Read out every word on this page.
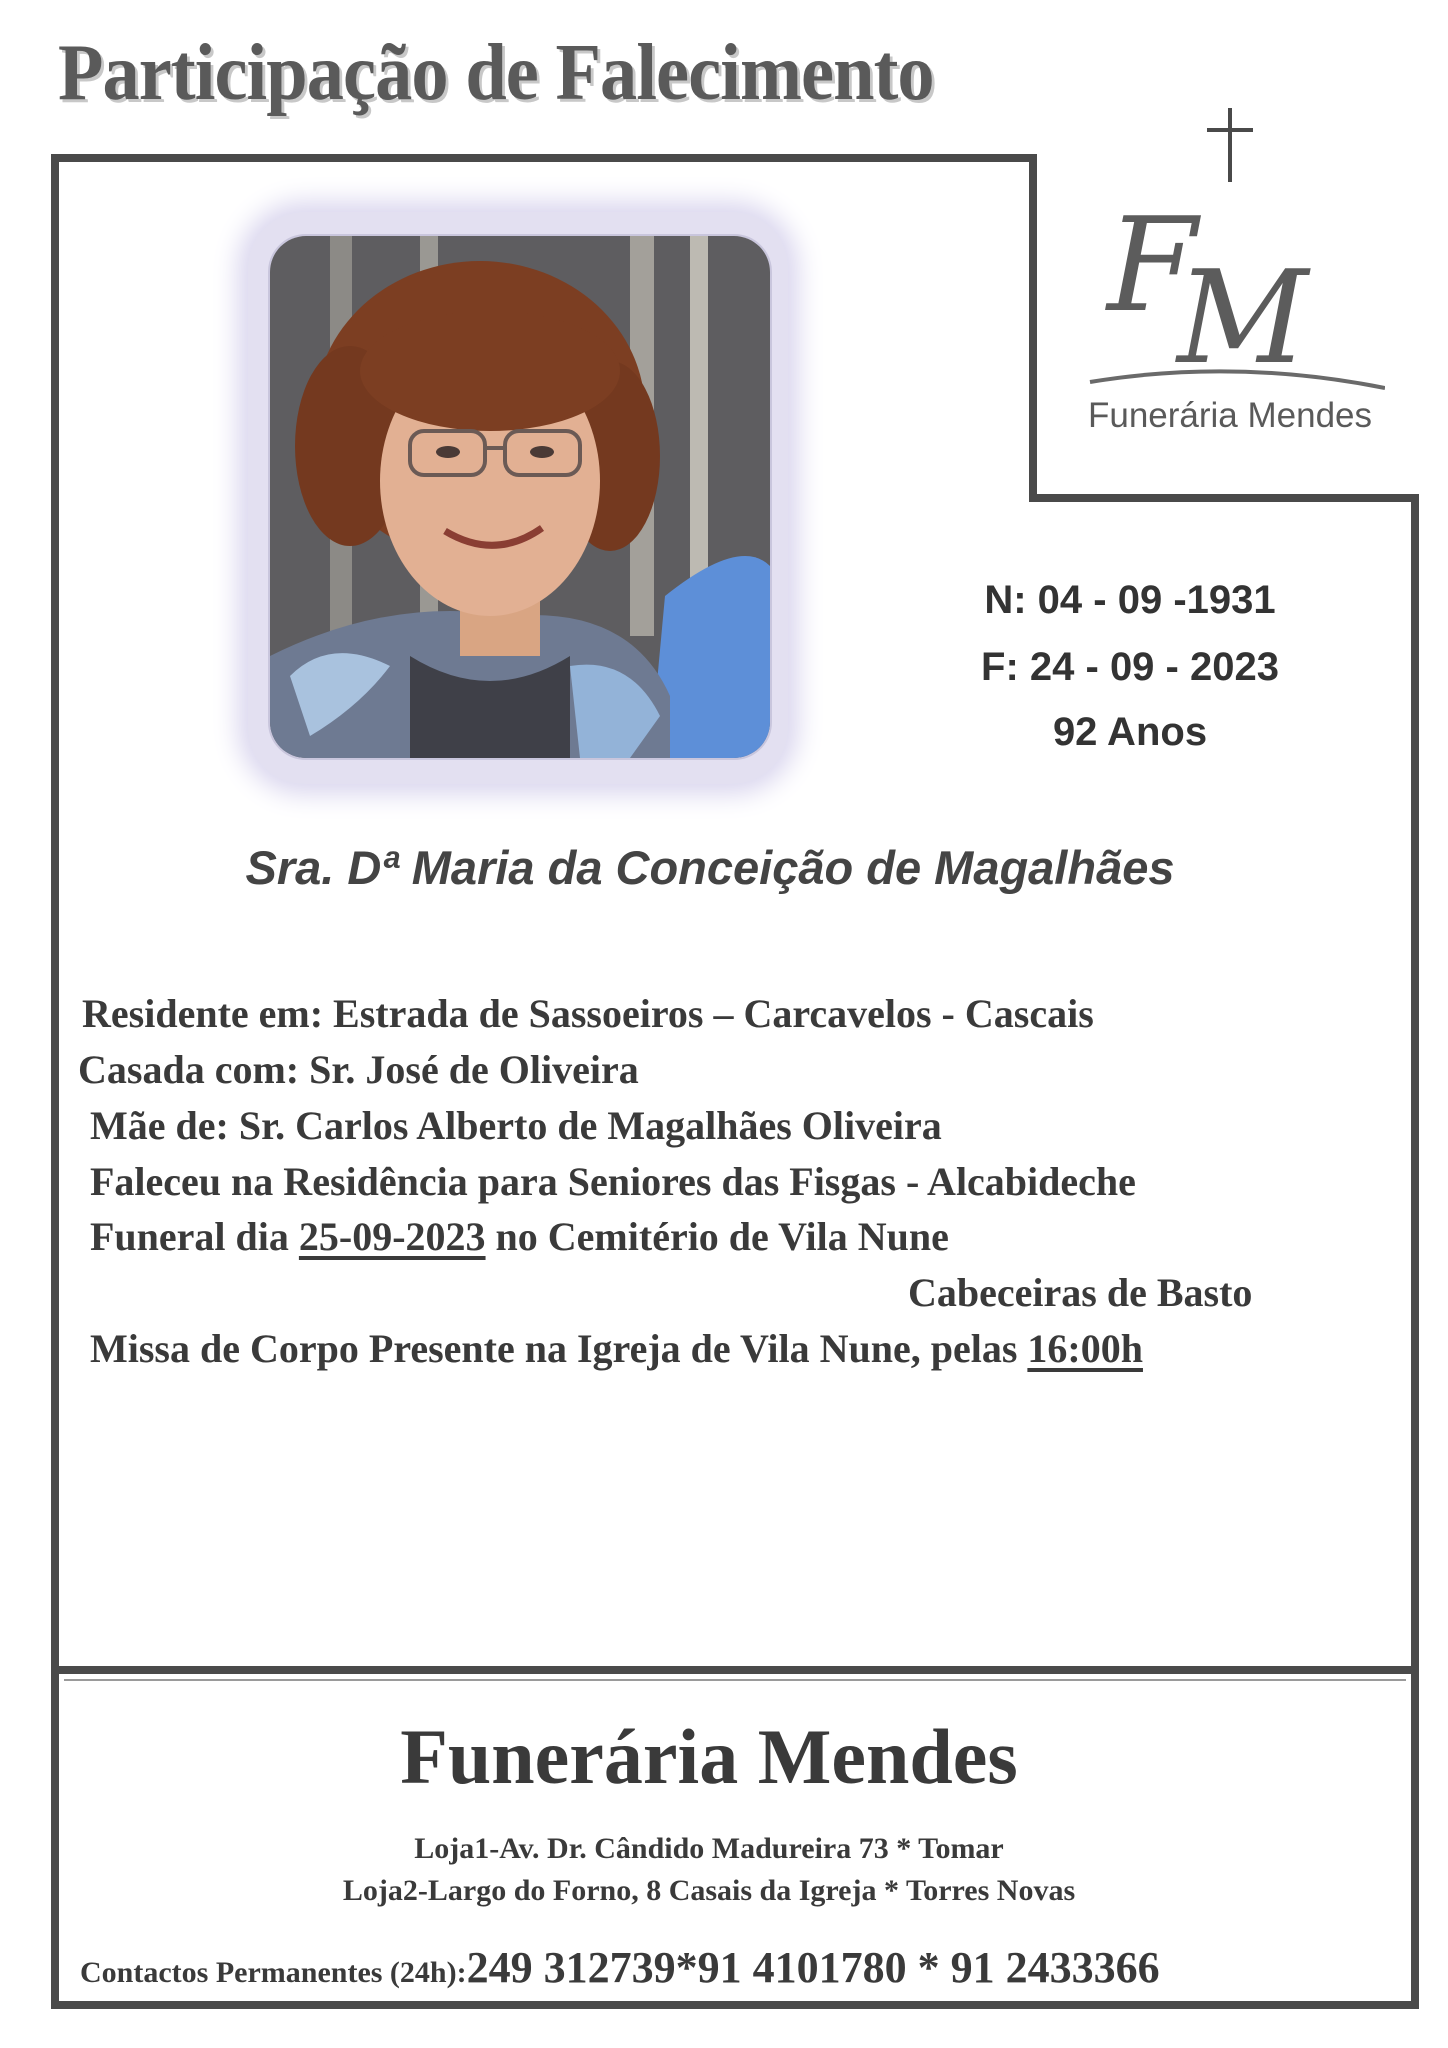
Participação de Falecimento
F
M
Funerária Mendes
N: 04 - 09 -1931
F: 24 - 09 - 2023
92 Anos
Sra. Dª Maria da Conceição de Magalhães
Residente em: Estrada de Sassoeiros – Carcavelos - Cascais
Casada com: Sr. José de Oliveira
Mãe de: Sr. Carlos Alberto de Magalhães Oliveira
Faleceu na Residência para Seniores das Fisgas - Alcabideche
Funeral dia 25-09-2023 no Cemitério de Vila Nune
Cabeceiras de Basto
Missa de Corpo Presente na Igreja de Vila Nune, pelas 16:00h
Funerária Mendes
Loja1-Av. Dr. Cândido Madureira 73 * Tomar
Loja2-Largo do Forno, 8 Casais da Igreja * Torres Novas
Contactos Permanentes (24h):249 312739*91 4101780 * 91 2433366
